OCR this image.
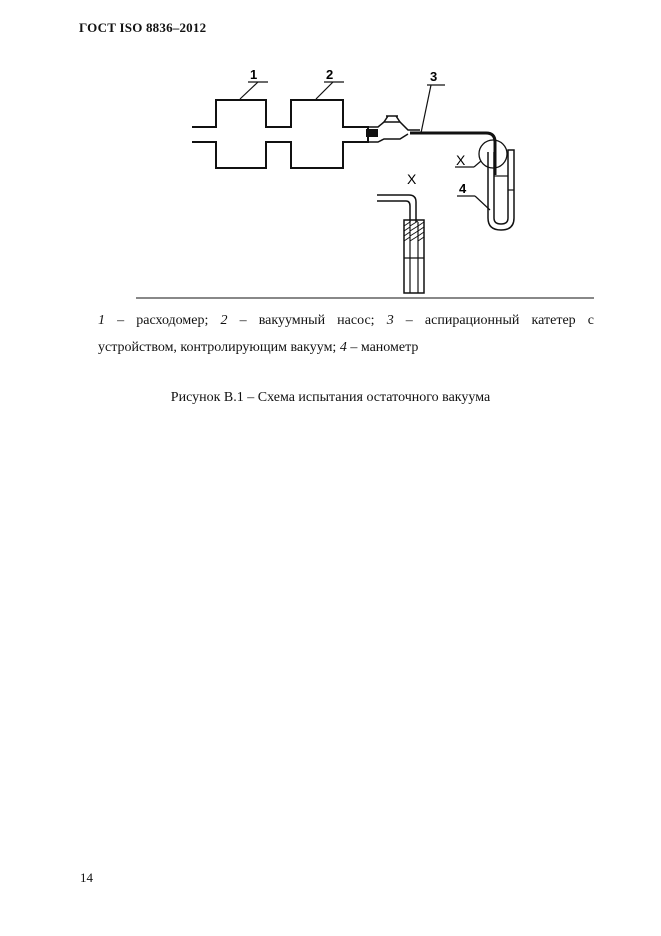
ГОСТ ISO 8836–2012
1	2	3
4
X
X
1 – расходомер; 2 – вакуумный насос; 3 – аспирационный катетер с
устройством, контролирующим вакуум; 4 – манометр
Рисунок В.1 – Схема испытания остаточного вакуума
14
